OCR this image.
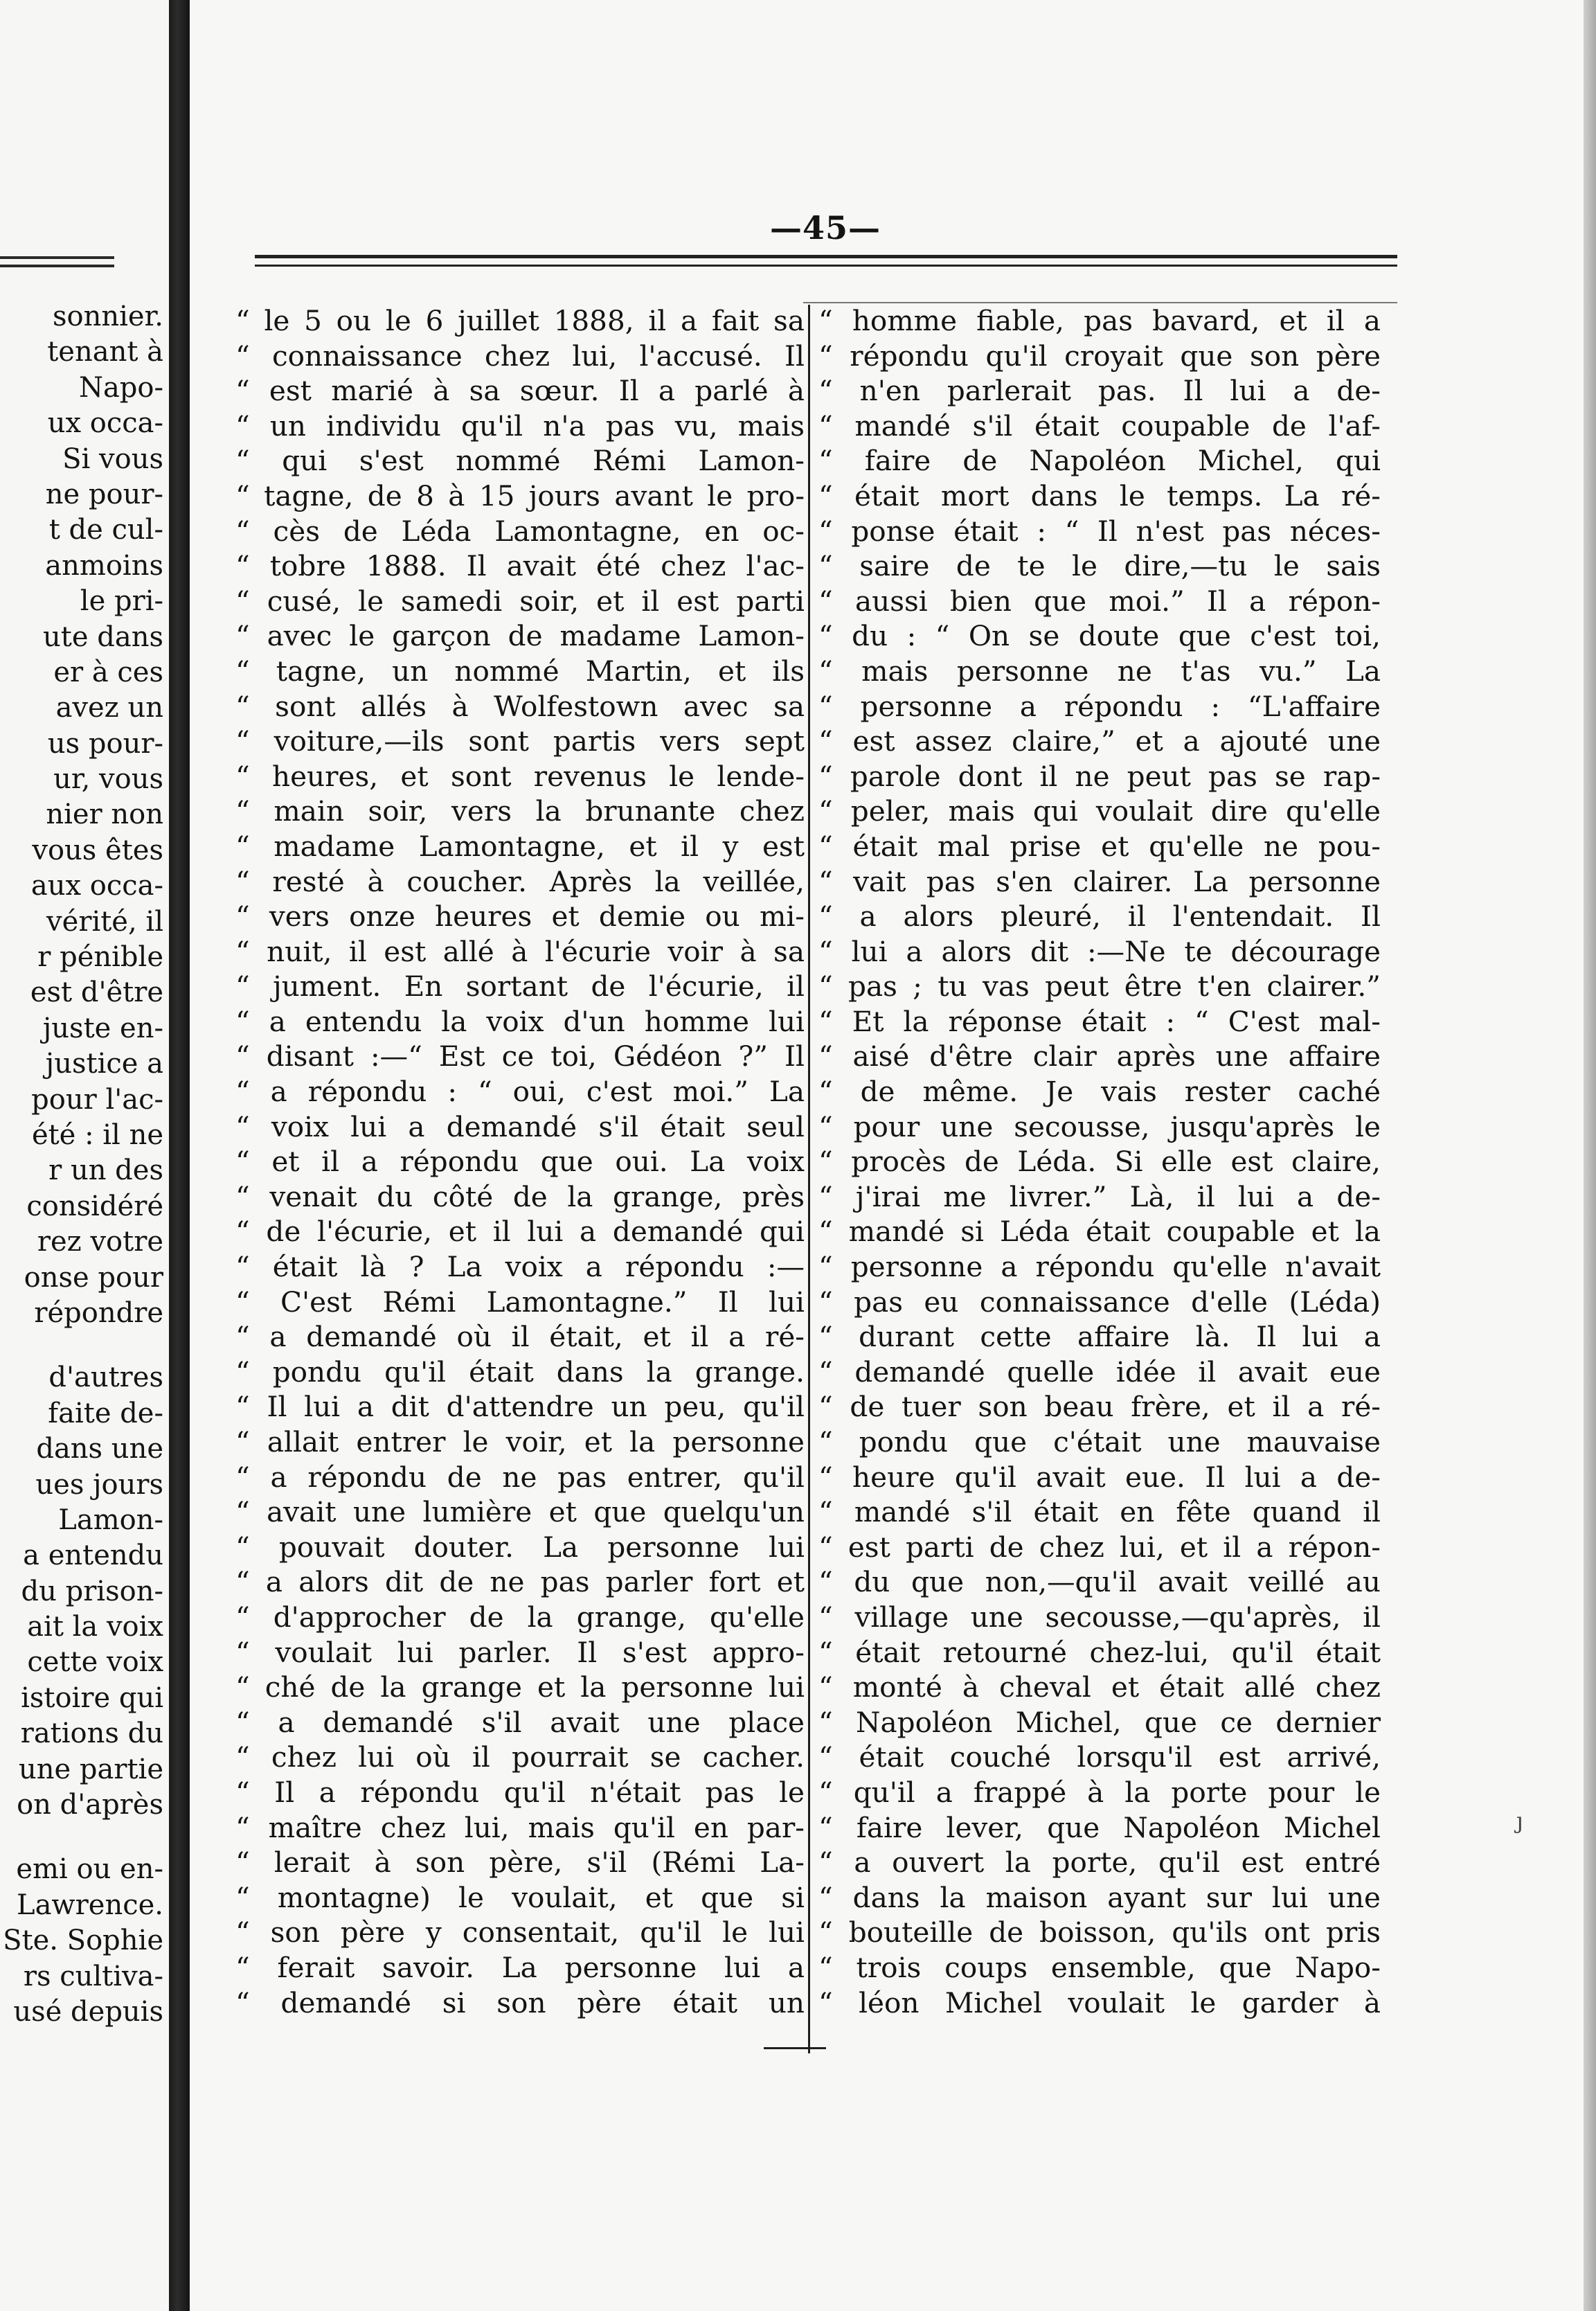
sonnier.
tenant à
Napo-
ux occa-
Si vous
ne pour-
t de cul-
anmoins
le pri-
ute dans
er à ces
avez un
us pour-
ur, vous
nier non
vous êtes
aux occa-
vérité, il
r pénible
est d'être
juste en-
justice a
pour l'ac-
été : il ne
r un des
considéré
rez votre
onse pour
répondre
d'autres
faite de-
dans une
ues jours
Lamon-
a entendu
du prison-
ait la voix
cette voix
istoire qui
rations du
une partie
on d'après
emi ou en-
Lawrence.
Ste. Sophie
rs cultiva-
usé depuis
—45—
“ le 5 ou le 6 juillet 1888, il a fait sa
“ connaissance chez lui, l'accusé. Il
“ est marié à sa sœur. Il a parlé à
“ un individu qu'il n'a pas vu, mais
“ qui s'est nommé Rémi Lamon-
“ tagne, de 8 à 15 jours avant le pro-
“ cès de Léda Lamontagne, en oc-
“ tobre 1888. Il avait été chez l'ac-
“ cusé, le samedi soir, et il est parti
“ avec le garçon de madame Lamon-
“ tagne, un nommé Martin, et ils
“ sont allés à Wolfestown avec sa
“ voiture,—ils sont partis vers sept
“ heures, et sont revenus le lende-
“ main soir, vers la brunante chez
“ madame Lamontagne, et il y est
“ resté à coucher. Après la veillée,
“ vers onze heures et demie ou mi-
“ nuit, il est allé à l'écurie voir à sa
“ jument. En sortant de l'écurie, il
“ a entendu la voix d'un homme lui
“ disant :—“ Est ce toi, Gédéon ?” Il
“ a répondu : “ oui, c'est moi.” La
“ voix lui a demandé s'il était seul
“ et il a répondu que oui. La voix
“ venait du côté de la grange, près
“ de l'écurie, et il lui a demandé qui
“ était là ? La voix a répondu :—
“ C'est Rémi Lamontagne.” Il lui
“ a demandé où il était, et il a ré-
“ pondu qu'il était dans la grange.
“ Il lui a dit d'attendre un peu, qu'il
“ allait entrer le voir, et la personne
“ a répondu de ne pas entrer, qu'il
“ avait une lumière et que quelqu'un
“ pouvait douter. La personne lui
“ a alors dit de ne pas parler fort et
“ d'approcher de la grange, qu'elle
“ voulait lui parler. Il s'est appro-
“ ché de la grange et la personne lui
“ a demandé s'il avait une place
“ chez lui où il pourrait se cacher.
“ Il a répondu qu'il n'était pas le
“ maître chez lui, mais qu'il en par-
“ lerait à son père, s'il (Rémi La-
“ montagne) le voulait, et que si
“ son père y consentait, qu'il le lui
“ ferait savoir. La personne lui a
“ demandé si son père était un
“ homme fiable, pas bavard, et il a
“ répondu qu'il croyait que son père
“ n'en parlerait pas. Il lui a de-
“ mandé s'il était coupable de l'af-
“ faire de Napoléon Michel, qui
“ était mort dans le temps. La ré-
“ ponse était : “ Il n'est pas néces-
“ saire de te le dire,—tu le sais
“ aussi bien que moi.” Il a répon-
“ du : “ On se doute que c'est toi,
“ mais personne ne t'as vu.” La
“ personne a répondu : “L'affaire
“ est assez claire,” et a ajouté une
“ parole dont il ne peut pas se rap-
“ peler, mais qui voulait dire qu'elle
“ était mal prise et qu'elle ne pou-
“ vait pas s'en clairer. La personne
“ a alors pleuré, il l'entendait. Il
“ lui a alors dit :—Ne te décourage
“ pas ; tu vas peut être t'en clairer.”
“ Et la réponse était : “ C'est mal-
“ aisé d'être clair après une affaire
“ de même. Je vais rester caché
“ pour une secousse, jusqu'après le
“ procès de Léda. Si elle est claire,
“ j'irai me livrer.” Là, il lui a de-
“ mandé si Léda était coupable et la
“ personne a répondu qu'elle n'avait
“ pas eu connaissance d'elle (Léda)
“ durant cette affaire là. Il lui a
“ demandé quelle idée il avait eue
“ de tuer son beau frère, et il a ré-
“ pondu que c'était une mauvaise
“ heure qu'il avait eue. Il lui a de-
“ mandé s'il était en fête quand il
“ est parti de chez lui, et il a répon-
“ du que non,—qu'il avait veillé au
“ village une secousse,—qu'après, il
“ était retourné chez-lui, qu'il était
“ monté à cheval et était allé chez
“ Napoléon Michel, que ce dernier
“ était couché lorsqu'il est arrivé,
“ qu'il a frappé à la porte pour le
“ faire lever, que Napoléon Michel
“ a ouvert la porte, qu'il est entré
“ dans la maison ayant sur lui une
“ bouteille de boisson, qu'ils ont pris
“ trois coups ensemble, que Napo-
“ léon Michel voulait le garder à
ȷ
